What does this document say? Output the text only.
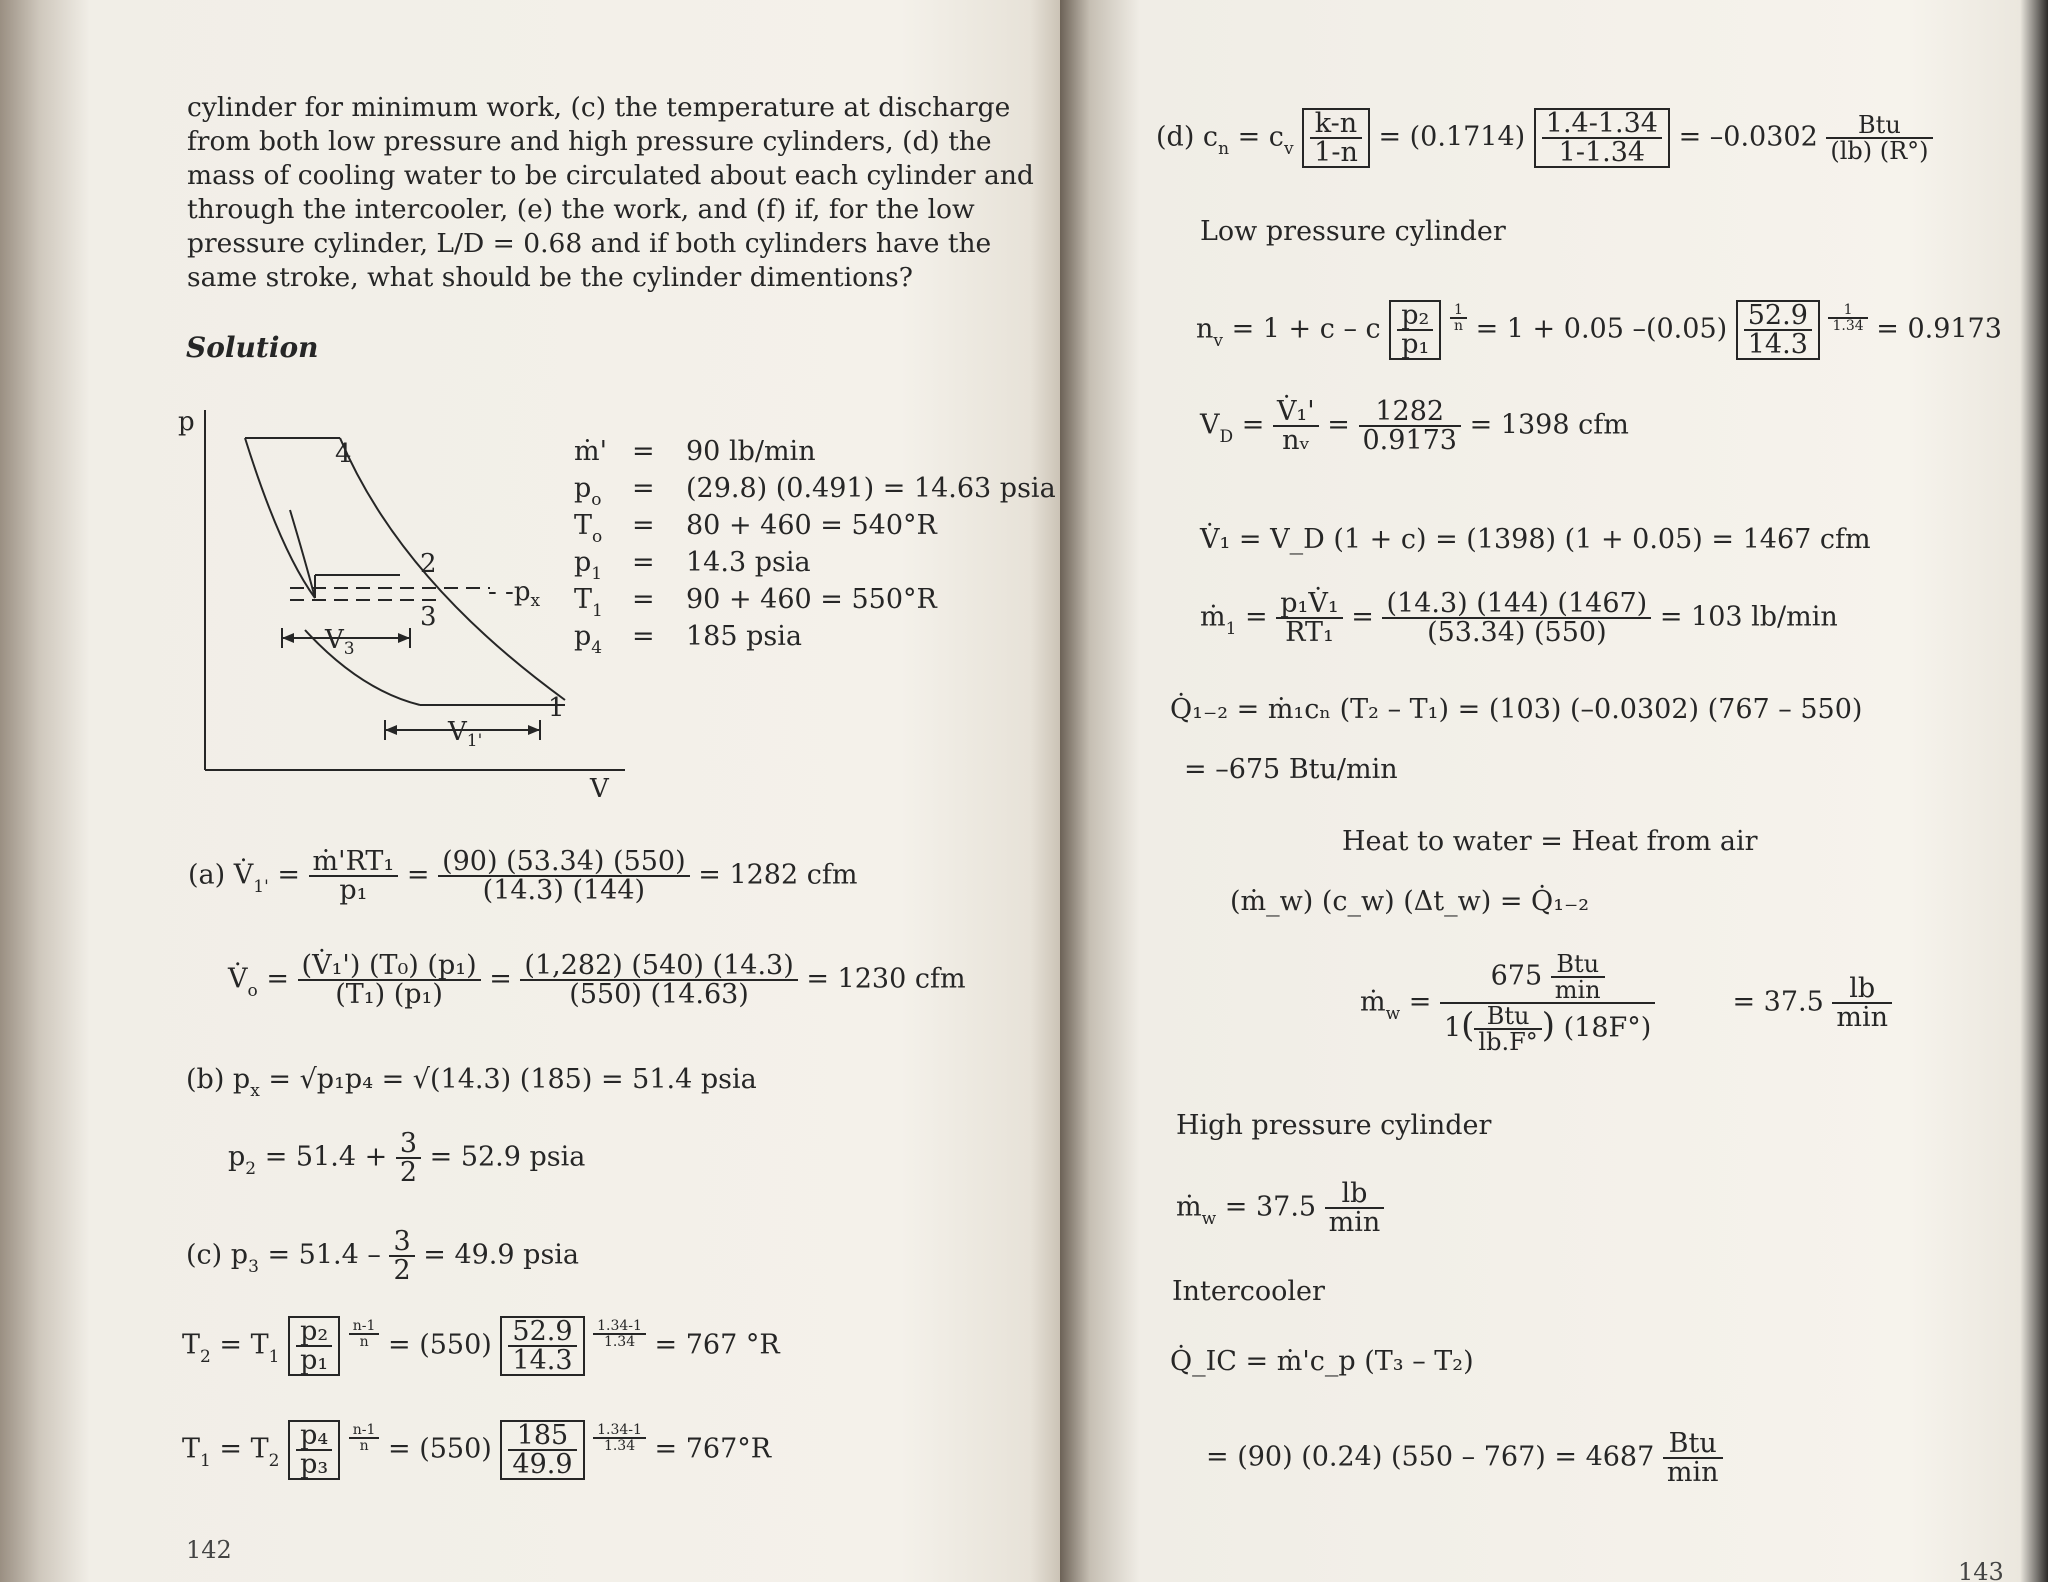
cylinder for minimum work, (c) the temperature at discharge
from both low pressure and high pressure cylinders, (d) the
mass of cooling water to be circulated about each cylinder and
through the intercooler, (e) the work, and (f) if, for the low
pressure cylinder, L/D = 0.68 and if both cylinders have the
same stroke, what should be the cylinder dimentions?
Solution
p
V
4
2
3
1
- $-p_x$
$V_3$
$V_{1'}$
ṁ' = 90 lb/min
$p_o = (29.8) (0.491) = 14.63$ psia
$T_o = 80 + 460 = 540^\circ R$
$p_1 = 14.3$ psia
$T_1 = 90 + 460 = 550^\circ R$
$p_4 = 185$ psia
(a) $V̇_{1'} = \frac{\text{ṁ'RT₁}}{\text{p₁}} = \frac{(90) (53.34) (550)}{(14.3) (144)} = 1282$ cfm
$V̇_o = \frac{\text{(V̇₁') (T₀) (p₁)}}{\text{(T₁) (p₁)}} = \frac{(1,282) (540) (14.3)}{(550) (14.63)} = 1230$ cfm
(b) $p_x = √p_1p_4 = √(14.3) (185) = 51.4$ psia
$p_2 = 51.4 + \frac{3}{2} = 52.9$ psia
(c) $p_3 = 51.4 - \frac{3}{2} = 49.9$ psia
$T_2 = T_1 \frac{\text{p₂}}{\text{p₁}}$
$\frac{n-1}{n} = (550) \frac{52.9}{14.3}$
$\frac{1.34-1}{1.34} = 767$ °R
$T_1 = T_2 \frac{\text{p₄}}{\text{p₃}}$
$\frac{n-1}{n} = (550) \frac{185}{49.9}$
$\frac{1.34-1}{1.34} = 767^\circ R$
142
(d) $c_n = c_v \frac{k-n}{1-n} = (0.1714) \frac{1.4-1.34}{1-1.34} = -0.0302$	Btu
(lb) (R°)
Low pressure cylinder
$n_v = 1 + c - c \frac{\text{p₂}}{\text{p₁}}$
$\frac{1}{n} = 1 + 0.05$ $-(0.05) \frac{52.9}{14.3}$
$\frac{1}{1.34} = 0.9173$
$V_D = \frac{\text{V̇₁'}}{\text{nᵥ}} = \frac{1282}{0.9173} = 1398$ cfm
V̇₁ = V_D (1 + c) = (1398) (1 + 0.05) = 1467 cfm
ṁ$_1$ = $\frac{\text{p₁V̇₁}}{\text{RT₁}} = \frac{(14.3) (144) (1467)}{(53.34) (550)} = 103$ lb/min
Q̇₁₋₂ = ṁ₁cₙ (T₂ – T₁) = (103) (–0.0302) (767 – 550)
= –675 Btu/min
Heat to water = Heat from air
(ṁ_w) (c_w) (Δt_w) = Q̇₁₋₂
ṁ$_w$ =
675 Btu
min
1( Btu
lb.F° ) (18F°)
= 37.5 lb
min
High pressure cylinder
ṁ$_w$ = 37.5 lb
min
Intercooler
Q̇_IC = ṁ'c_p (T₃ – T₂)
= (90) (0.24) (550 – 767) = 4687 Btu
min
143
